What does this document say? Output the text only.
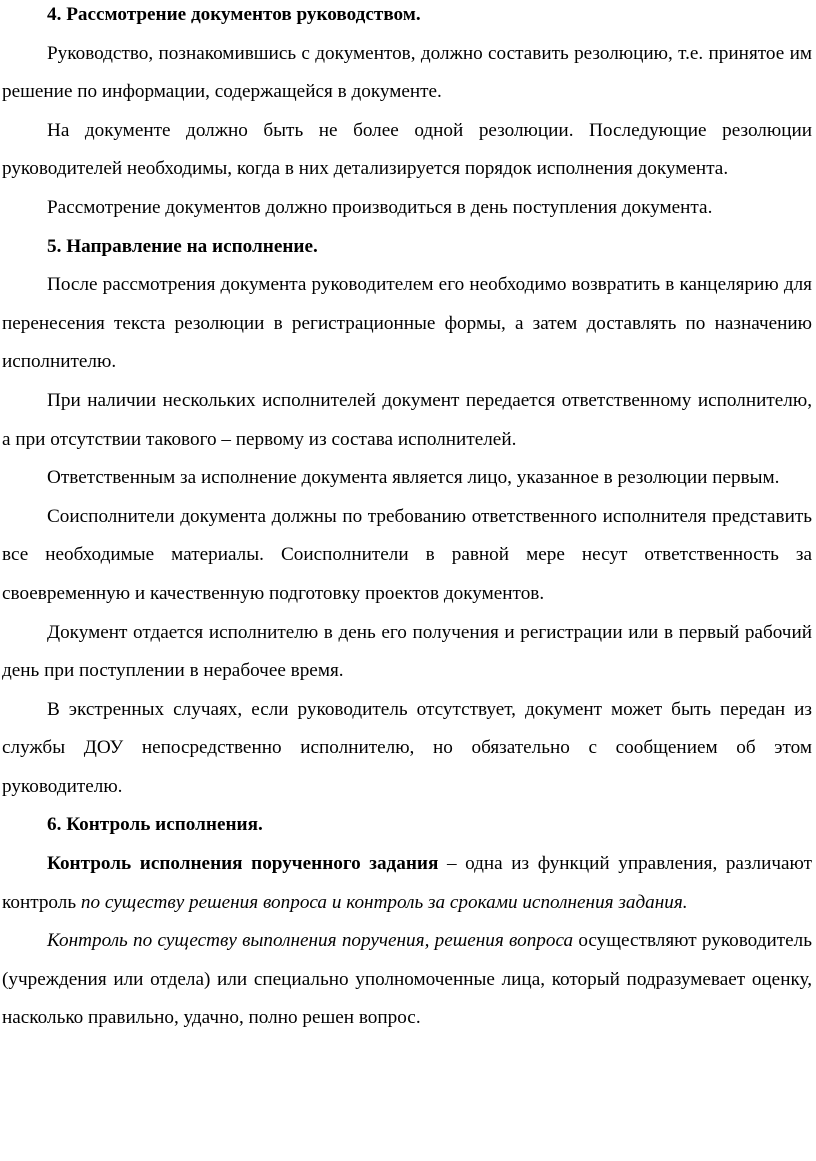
4. Рассмотрение документов руководством.

Руководство, познакомившись с документов, должно составить резолюцию, т.е. принятое им решение по информации, содержащейся в документе.

На документе должно быть не более одной резолюции. Последующие резолюции руководителей необходимы, когда в них детализируется порядок исполнения документа.

Рассмотрение документов должно производиться в день поступления документа.

5. Направление на исполнение.

После рассмотрения документа руководителем его необходимо возвратить в канцелярию для перенесения текста резолюции в регистрационные формы, а затем доставлять по назначению исполнителю.

При наличии нескольких исполнителей документ передается ответственному исполнителю, а при отсутствии такового – первому из состава исполнителей.

Ответственным за исполнение документа является лицо, указанное в резолюции первым.

Соисполнители документа должны по требованию ответственного исполнителя представить все необходимые материалы. Соисполнители в равной мере несут ответственность за своевременную и качественную подготовку проектов документов.

Документ отдается исполнителю в день его получения и регистрации или в первый рабочий день при поступлении в нерабочее время.

В экстренных случаях, если руководитель отсутствует, документ может быть передан из службы ДОУ непосредственно исполнителю, но обязательно с сообщением об этом руководителю.

6. Контроль исполнения.

Контроль исполнения порученного задания – одна из функций управления, различают контроль по существу решения вопроса и контроль за сроками исполнения задания.

Контроль по существу выполнения поручения, решения вопроса осуществляют руководитель (учреждения или отдела) или специально уполномоченные лица, который подразумевает оценку, насколько правильно, удачно, полно решен вопрос.
